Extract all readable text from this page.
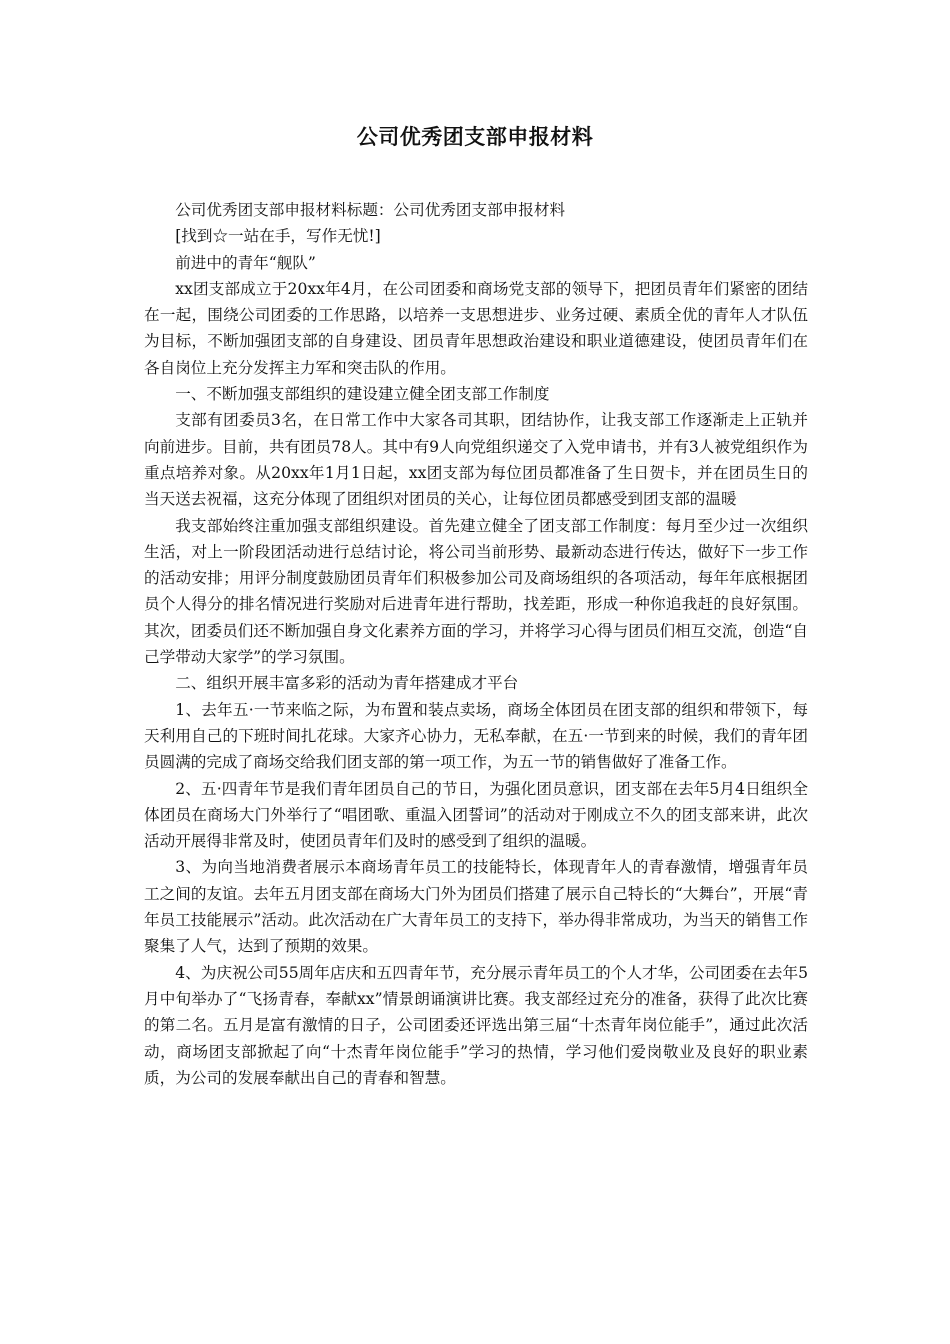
公司优秀团支部申报材料

公司优秀团支部申报材料标题：公司优秀团支部申报材料

[找到☆一站在手，写作无忧!]

前进中的青年“舰队”

xx团支部成立于20xx年4月，在公司团委和商场党支部的领导下，把团员青年们紧密的团结在一起，围绕公司团委的工作思路，以培养一支思想进步、业务过硬、素质全优的青年人才队伍为目标，不断加强团支部的自身建设、团员青年思想政治建设和职业道德建设，使团员青年们在各自岗位上充分发挥主力军和突击队的作用。

一、不断加强支部组织的建设建立健全团支部工作制度

支部有团委员3名，在日常工作中大家各司其职，团结协作，让我支部工作逐渐走上正轨并向前进步。目前，共有团员78人。其中有9人向党组织递交了入党申请书，并有3人被党组织作为重点培养对象。从20xx年1月1日起，xx团支部为每位团员都准备了生日贺卡，并在团员生日的当天送去祝福，这充分体现了团组织对团员的关心，让每位团员都感受到团支部的温暖

我支部始终注重加强支部组织建设。首先建立健全了团支部工作制度：每月至少过一次组织生活，对上一阶段团活动进行总结讨论，将公司当前形势、最新动态进行传达，做好下一步工作的活动安排；用评分制度鼓励团员青年们积极参加公司及商场组织的各项活动，每年年底根据团员个人得分的排名情况进行奖励对后进青年进行帮助，找差距，形成一种你追我赶的良好氛围。其次，团委员们还不断加强自身文化素养方面的学习，并将学习心得与团员们相互交流，创造“自己学带动大家学”的学习氛围。

二、组织开展丰富多彩的活动为青年搭建成才平台

1、去年五·一节来临之际，为布置和装点卖场，商场全体团员在团支部的组织和带领下，每天利用自己的下班时间扎花球。大家齐心协力，无私奉献，在五·一节到来的时候，我们的青年团员圆满的完成了商场交给我们团支部的第一项工作，为五一节的销售做好了准备工作。

2、五·四青年节是我们青年团员自己的节日，为强化团员意识，团支部在去年5月4日组织全体团员在商场大门外举行了“唱团歌、重温入团誓词”的活动对于刚成立不久的团支部来讲，此次活动开展得非常及时，使团员青年们及时的感受到了组织的温暖。

3、为向当地消费者展示本商场青年员工的技能特长，体现青年人的青春激情，增强青年员工之间的友谊。去年五月团支部在商场大门外为团员们搭建了展示自己特长的“大舞台”，开展“青年员工技能展示”活动。此次活动在广大青年员工的支持下，举办得非常成功，为当天的销售工作聚集了人气，达到了预期的效果。

4、为庆祝公司55周年店庆和五四青年节，充分展示青年员工的个人才华，公司团委在去年5月中旬举办了“飞扬青春，奉献xx”情景朗诵演讲比赛。我支部经过充分的准备，获得了此次比赛的第二名。五月是富有激情的日子，公司团委还评选出第三届“十杰青年岗位能手”，通过此次活动，商场团支部掀起了向“十杰青年岗位能手”学习的热情，学习他们爱岗敬业及良好的职业素质，为公司的发展奉献出自己的青春和智慧。
